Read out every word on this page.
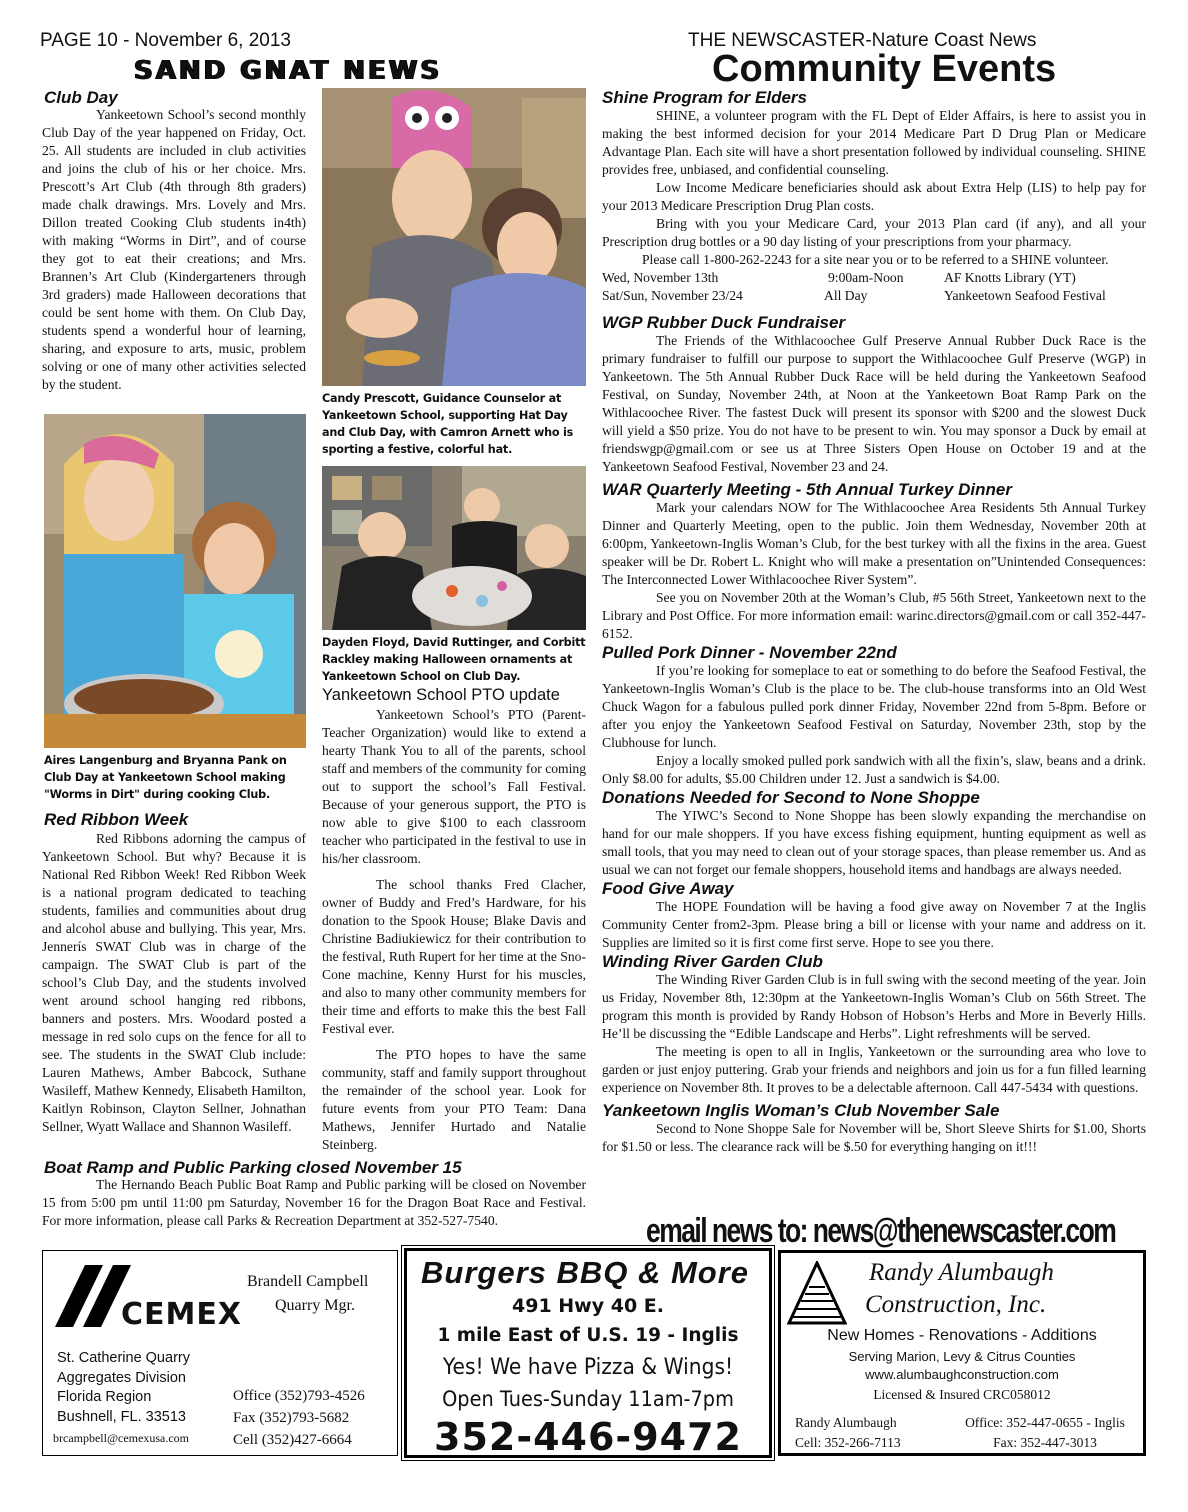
PAGE 10 - November 6, 2013	THE NEWSCASTER-Nature Coast News
SAND GNAT NEWS	Community Events
Club Day

Yankeetown School’s second monthly Club Day of the year happened on Friday, Oct. 25. All students are included in club activities and joins the club of his or her choice. Mrs. Prescott’s Art Club (4th through 8th graders) made chalk drawings. Mrs. Lovely and Mrs. Dillon treated Cooking Club students in4th) with making “Worms in Dirt”, and of course they got to eat their creations; and Mrs. Brannen’s Art Club (Kindergarteners through 3rd graders) made Halloween decorations that could be sent home with them. On Club Day, students spend a wonderful hour of learning, sharing, and exposure to arts, music, problem solving or one of many other activities selected by the student.

Aires Langenburg and Bryanna Pank on Club Day at Yankeetown School making "Worms in Dirt" during cooking Club.
Red Ribbon Week

Red Ribbons adorning the campus of Yankeetown School. But why? Because it is National Red Ribbon Week! Red Ribbon Week is a national program dedicated to teaching students, families and communities about drug and alcohol abuse and bullying. This year, Mrs. Jennerís SWAT Club was in charge of the campaign. The SWAT Club is part of the school’s Club Day, and the students involved went around school hanging red ribbons, banners and posters. Mrs. Woodard posted a message in red solo cups on the fence for all to see. The students in the SWAT Club include: Lauren Mathews, Amber Babcock, Suthane Wasileff, Mathew Kennedy, Elisabeth Hamilton, Kaitlyn Robinson, Clayton Sellner, Johnathan Sellner, Wyatt Wallace and Shannon Wasileff.

Candy Prescott, Guidance Counselor at Yankeetown School, supporting Hat Day and Club Day, with Camron Arnett who is sporting a festive, colorful hat.
Dayden Floyd, David Ruttinger, and Corbitt Rackley making Halloween ornaments at Yankeetown School on Club Day.
Yankeetown School PTO update

Yankeetown School’s PTO (Parent-Teacher Organization) would like to extend a hearty Thank You to all of the parents, school staff and members of the community for coming out to support the school’s Fall Festival. Because of your generous support, the PTO is now able to give $100 to each classroom teacher who participated in the festival to use in his/her classroom.

The school thanks Fred Clacher, owner of Buddy and Fred’s Hardware, for his donation to the Spook House; Blake Davis and Christine Badiukiewicz for their contribution to the festival, Ruth Rupert for her time at the Sno-Cone machine, Kenny Hurst for his muscles, and also to many other community members for their time and efforts to make this the best Fall Festival ever.

The PTO hopes to have the same community, staff and family support throughout the remainder of the school year. Look for future events from your PTO Team: Dana Mathews, Jennifer Hurtado and Natalie Steinberg.

Boat Ramp and Public Parking closed November 15

The Hernando Beach Public Boat Ramp and Public parking will be closed on November 15 from 5:00 pm until 11:00 pm Saturday, November 16 for the Dragon Boat Race and Festival. For more information, please call Parks & Recreation Department at 352-527-7540.

Shine Program for Elders

SHINE, a volunteer program with the FL Dept of Elder Affairs, is here to assist you in making the best informed decision for your 2014 Medicare Part D Drug Plan or Medicare Advantage Plan. Each site will have a short presentation followed by individual counseling. SHINE provides free, unbiased, and confidential counseling.

Low Income Medicare beneficiaries should ask about Extra Help (LIS) to help pay for your 2013 Medicare Prescription Drug Plan costs.

Bring with you your Medicare Card, your 2013 Plan card (if any), and all your Prescription drug bottles or a 90 day listing of your prescriptions from your pharmacy.

Please call 1-800-262-2243 for a site near you or to be referred to a SHINE volunteer.

Wed, November 13th	9:00am-Noon	AF Knotts Library (YT)
Sat/Sun, November 23/24	All Day	Yankeetown Seafood Festival
WGP Rubber Duck Fundraiser

The Friends of the Withlacoochee Gulf Preserve Annual Rubber Duck Race is the primary fundraiser to fulfill our purpose to support the Withlacoochee Gulf Preserve (WGP) in Yankeetown. The 5th Annual Rubber Duck Race will be held during the Yankeetown Seafood Festival, on Sunday, November 24th, at Noon at the Yankeetown Boat Ramp Park on the Withlacoochee River. The fastest Duck will present its sponsor with $200 and the slowest Duck will yield a $50 prize. You do not have to be present to win. You may sponsor a Duck by email at friendswgp@gmail.com or see us at Three Sisters Open House on October 19 and at the Yankeetown Seafood Festival, November 23 and 24.

WAR Quarterly Meeting - 5th Annual Turkey Dinner

Mark your calendars NOW for The Withlacoochee Area Residents 5th Annual Turkey Dinner and Quarterly Meeting, open to the public. Join them Wednesday, November 20th at 6:00pm, Yankeetown-Inglis Woman’s Club, for the best turkey with all the fixins in the area. Guest speaker will be Dr. Robert L. Knight who will make a presentation on”Unintended Consequences: The Interconnected Lower Withlacoochee River System”.

See you on November 20th at the Woman’s Club, #5 56th Street, Yankeetown next to the Library and Post Office. For more information email: warinc.directors@gmail.com or call 352-447-6152.

Pulled Pork Dinner - November 22nd

If you’re looking for someplace to eat or something to do before the Seafood Festival, the Yankeetown-Inglis Woman’s Club is the place to be. The club-house transforms into an Old West Chuck Wagon for a fabulous pulled pork dinner Friday, November 22nd from 5-8pm. Before or after you enjoy the Yankeetown Seafood Festival on Saturday, November 23th, stop by the Clubhouse for lunch.

Enjoy a locally smoked pulled pork sandwich with all the fixin’s, slaw, beans and a drink. Only $8.00 for adults, $5.00 Children under 12. Just a sandwich is $4.00.

Donations Needed for Second to None Shoppe

The YIWC’s Second to None Shoppe has been slowly expanding the merchandise on hand for our male shoppers. If you have excess fishing equipment, hunting equipment as well as small tools, that you may need to clean out of your storage spaces, than please remember us. And as usual we can not forget our female shoppers, household items and handbags are always needed.

Food Give Away

The HOPE Foundation will be having a food give away on November 7 at the Inglis Community Center from2-3pm. Please bring a bill or license with your name and address on it. Supplies are limited so it is first come first serve. Hope to see you there.

Winding River Garden Club

The Winding River Garden Club is in full swing with the second meeting of the year. Join us Friday, November 8th, 12:30pm at the Yankeetown-Inglis Woman’s Club on 56th Street. The program this month is provided by Randy Hobson of Hobson’s Herbs and More in Beverly Hills. He’ll be discussing the “Edible Landscape and Herbs”. Light refreshments will be served.

The meeting is open to all in Inglis, Yankeetown or the surrounding area who love to garden or just enjoy puttering. Grab your friends and neighbors and join us for a fun filled learning experience on November 8th. It proves to be a delectable afternoon. Call 447-5434 with questions.

Yankeetown Inglis Woman’s Club November Sale

Second to None Shoppe Sale for November will be, Short Sleeve Shirts for $1.00, Shorts for $1.50 or less. The clearance rack will be $.50 for everything hanging on it!!!

email news to: news@thenewscaster.com
CEMEX
Brandell Campbell
Quarry Mgr.
St. Catherine Quarry
Aggregates Division
Florida Region
Bushnell, FL. 33513
brcampbell@cemexusa.com
Office (352)793-4526
Fax (352)793-5682
Cell (352)427-6664
Burgers BBQ & More
491 Hwy 40 E.
1 mile East of U.S. 19 - Inglis
Yes! We have Pizza & Wings!
Open Tues-Sunday 11am-7pm
352-446-9472
Randy Alumbaugh
Construction, Inc.
New Homes - Renovations - Additions
Serving Marion, Levy & Citrus Counties
www.alumbaughconstruction.com
Licensed & Insured CRC058012
Randy Alumbaugh
Cell: 352-266-7113
Office: 352-447-0655 - Inglis
Fax: 352-447-3013
